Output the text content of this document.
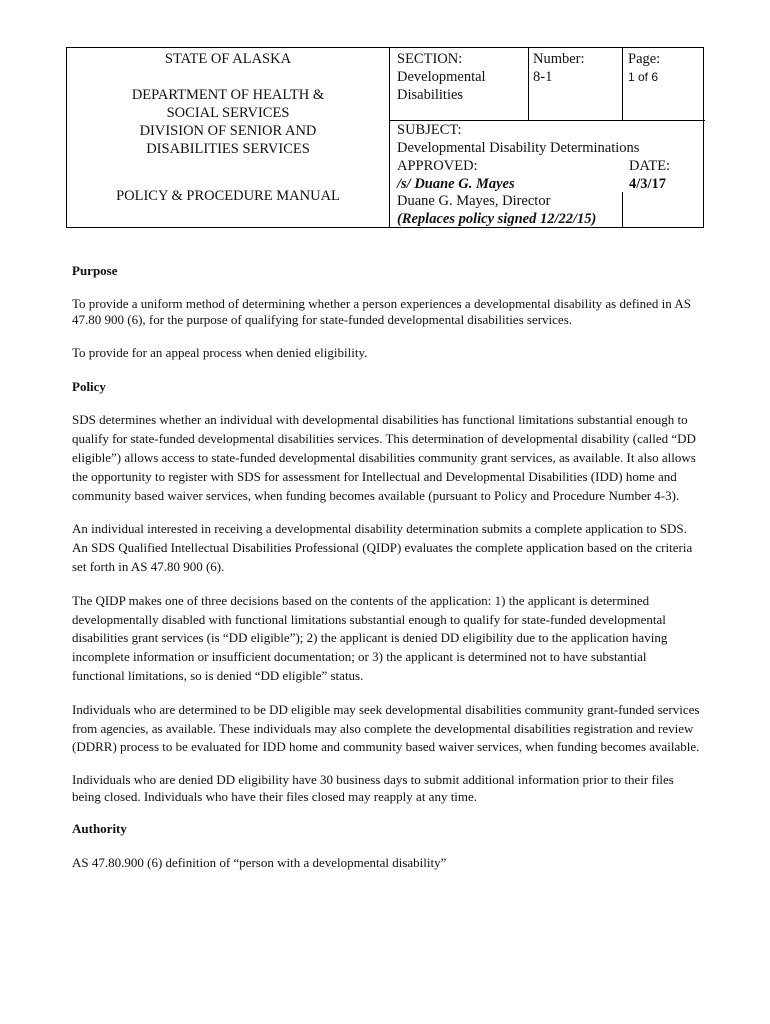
STATE OF ALASKA
DEPARTMENT OF HEALTH &
SOCIAL SERVICES
DIVISION OF SENIOR AND
DISABILITIES SERVICES
POLICY & PROCEDURE MANUAL
SECTION:
Developmental
Disabilities
Number:
8-1
Page:
1 of 6
SUBJECT:
Developmental Disability Determinations
APPROVED:
/s/ Duane G. Mayes
DATE:
4/3/17
Duane G. Mayes, Director
(Replaces policy signed 12/22/15)
Purpose

To provide a uniform method of determining whether a person experiences a developmental disability as defined in AS 47.80 900 (6), for the purpose of qualifying for state-funded developmental disabilities services.

To provide for an appeal process when denied eligibility.

Policy

SDS determines whether an individual with developmental disabilities has functional limitations substantial enough to qualify for state-funded developmental disabilities services. This determination of developmental disability (called “DD eligible”) allows access to state-funded developmental disabilities community grant services, as available. It also allows the opportunity to register with SDS for assessment for Intellectual and Developmental Disabilities (IDD) home and community based waiver services, when funding becomes available (pursuant to Policy and Procedure Number 4-3).

An individual interested in receiving a developmental disability determination submits a complete application to SDS. An SDS Qualified Intellectual Disabilities Professional (QIDP) evaluates the complete application based on the criteria set forth in AS 47.80 900 (6).

The QIDP makes one of three decisions based on the contents of the application: 1) the applicant is determined developmentally disabled with functional limitations substantial enough to qualify for state-funded developmental disabilities grant services (is “DD eligible”); 2) the applicant is denied DD eligibility due to the application having incomplete information or insufficient documentation; or 3) the applicant is determined not to have substantial functional limitations, so is denied “DD eligible” status.

Individuals who are determined to be DD eligible may seek developmental disabilities community grant-funded services from agencies, as available. These individuals may also complete the developmental disabilities registration and review (DDRR) process to be evaluated for IDD home and community based waiver services, when funding becomes available.

Individuals who are denied DD eligibility have 30 business days to submit additional information prior to their files being closed. Individuals who have their files closed may reapply at any time.

Authority

AS 47.80.900 (6) definition of “person with a developmental disability”
